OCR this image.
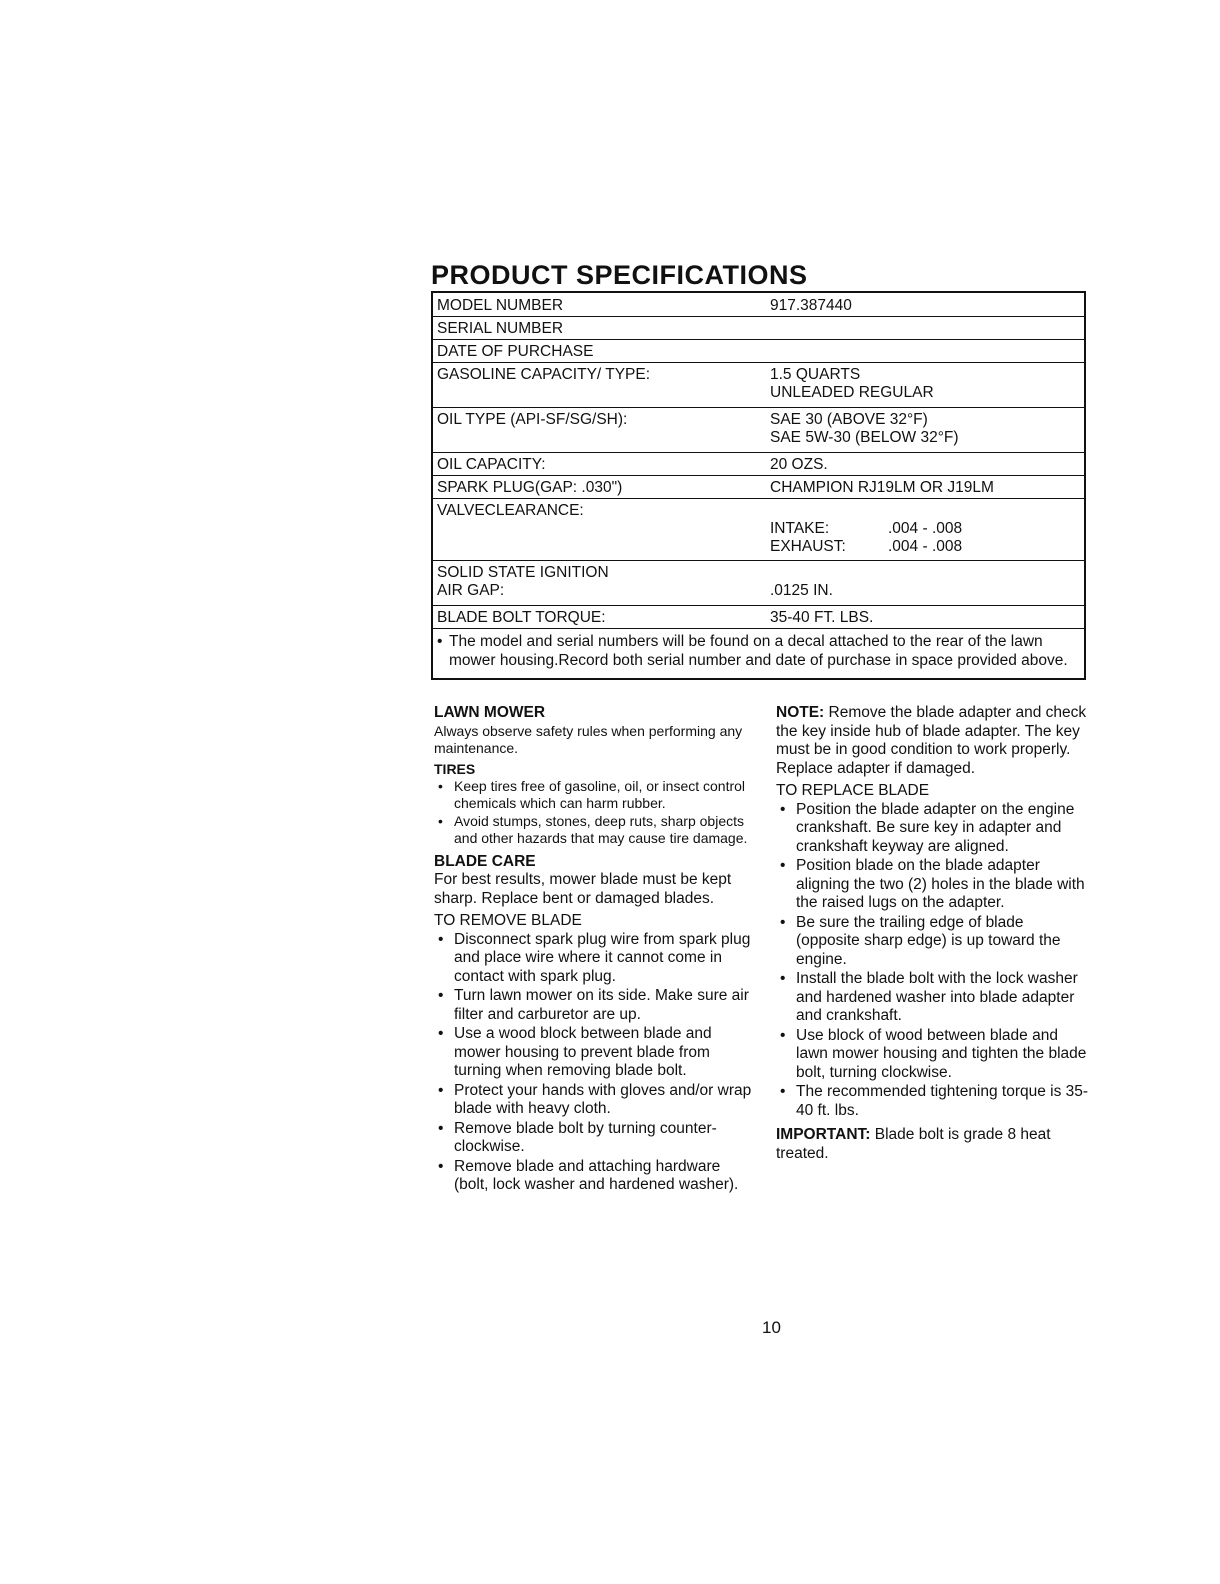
PRODUCT SPECIFICATIONS
MODEL NUMBER	917.387440
SERIAL NUMBER
DATE OF PURCHASE
GASOLINE CAPACITY/ TYPE:	1.5 QUARTS
UNLEADED REGULAR
OIL TYPE (API-SF/SG/SH):	SAE 30 (ABOVE 32°F)
SAE 5W-30 (BELOW 32°F)
OIL CAPACITY:	20 OZS.
SPARK PLUG(GAP: .030")	CHAMPION RJ19LM OR J19LM
VALVECLEARANCE:
INTAKE:	.004 - .008
EXHAUST:	.004 - .008
SOLID STATE IGNITION
AIR GAP:	.0125 IN.
BLADE BOLT TORQUE:	35-40 FT. LBS.
• The model and serial numbers will be found on a decal attached to the rear of the lawn mower housing.Record both serial number and date of purchase in space provided above.
LAWN MOWER

Always observe safety rules when performing any maintenance.

TIRES
• Keep tires free of gasoline, oil, or insect control chemicals which can harm rubber.
• Avoid stumps, stones, deep ruts, sharp objects and other hazards that may cause tire damage.
BLADE CARE

For best results, mower blade must be kept sharp. Replace bent or damaged blades.

TO REMOVE BLADE
• Disconnect spark plug wire from spark plug and place wire where it cannot come in contact with spark plug.
• Turn lawn mower on its side. Make sure air filter and carburetor are up.
• Use a wood block between blade and mower housing to prevent blade from turning when removing blade bolt.
• Protect your hands with gloves and/or wrap blade with heavy cloth.
• Remove blade bolt by turning counter-clockwise.
• Remove blade and attaching hardware (bolt, lock washer and hardened washer).

NOTE: Remove the blade adapter and check the key inside hub of blade adapter. The key must be in good condition to work properly. Replace adapter if damaged.

TO REPLACE BLADE
• Position the blade adapter on the engine crankshaft. Be sure key in adapter and crankshaft keyway are aligned.
• Position blade on the blade adapter aligning the two (2) holes in the blade with the raised lugs on the adapter.
• Be sure the trailing edge of blade (opposite sharp edge) is up toward the engine.
• Install the blade bolt with the lock washer and hardened washer into blade adapter and crankshaft.
• Use block of wood between blade and lawn mower housing and tighten the blade bolt, turning clockwise.
• The recommended tightening torque is 35-40 ft. lbs.

IMPORTANT: Blade bolt is grade 8 heat treated.

10
